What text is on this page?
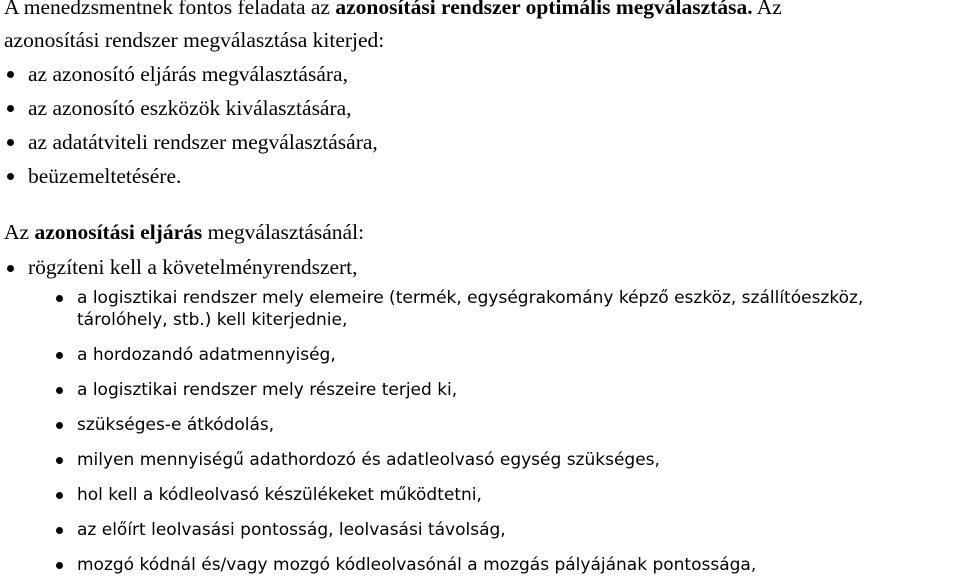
A menedzsmentnek fontos feladata az azonosítási rendszer optimális megválasztása. Az
azonosítási rendszer megválasztása kiterjed:

az azonosító eljárás megválasztására,
az azonosító eszközök kiválasztására,
az adatátviteli rendszer megválasztására,
beüzemeltetésére.

Az azonosítási eljárás megválasztásánál:

rögzíteni kell a követelményrendszert,
a logisztikai rendszer mely elemeire (termék, egységrakomány képző eszköz, szállítóeszköz, tárolóhely, stb.) kell kiterjednie,
a hordozandó adatmennyiség,
a logisztikai rendszer mely részeire terjed ki,
szükséges-e átkódolás,
milyen mennyiségű adathordozó és adatleolvasó egység szükséges,
hol kell a kódleolvasó készülékeket működtetni,
az előírt leolvasási pontosság, leolvasási távolság,
mozgó kódnál és/vagy mozgó kódleolvasónál a mozgás pályájának pontossága,
